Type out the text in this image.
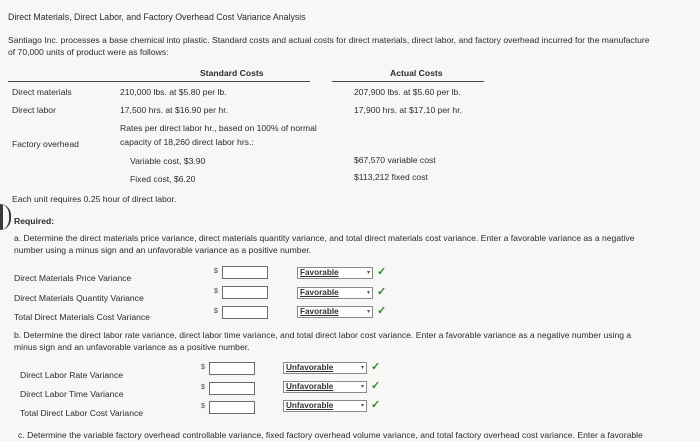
Direct Materials, Direct Labor, and Factory Overhead Cost Variance Analysis
Santiago Inc. processes a base chemical into plastic. Standard costs and actual costs for direct materials, direct labor, and factory overhead incurred for the manufacture
of 70,000 units of product were as follows:
Standard Costs	Actual Costs
Direct materials	210,000 lbs. at $5.80 per lb.	207,900 lbs. at $5.60 per lb.
Direct labor	17,500 hrs. at $16.90 per hr.	17,900 hrs. at $17.10 per hr.
Rates per direct labor hr., based on 100% of normal
Factory overhead	capacity of 18,260 direct labor hrs.:
Variable cost, $3.90	$67,570 variable cost
Fixed cost, $6.20	$113,212 fixed cost
Each unit requires 0.25 hour of direct labor.
Required:
a. Determine the direct materials price variance, direct materials quantity variance, and total direct materials cost variance. Enter a favorable variance as a negative
number using a minus sign and an unfavorable variance as a positive number.
Direct Materials Price Variance
$	Favorable	▾ ✓
Direct Materials Quantity Variance
$	Favorable	▾ ✓
Total Direct Materials Cost Variance
$	Favorable	▾ ✓
b. Determine the direct labor rate variance, direct labor time variance, and total direct labor cost variance. Enter a favorable variance as a negative number using a
minus sign and an unfavorable variance as a positive number.
Direct Labor Rate Variance
$	Unfavorable	▾ ✓
Direct Labor Time Variance
$	Unfavorable	▾ ✓
Total Direct Labor Cost Variance
$	Unfavorable	▾ ✓
c. Determine the variable factory overhead controllable variance, fixed factory overhead volume variance, and total factory overhead cost variance. Enter a favorable
